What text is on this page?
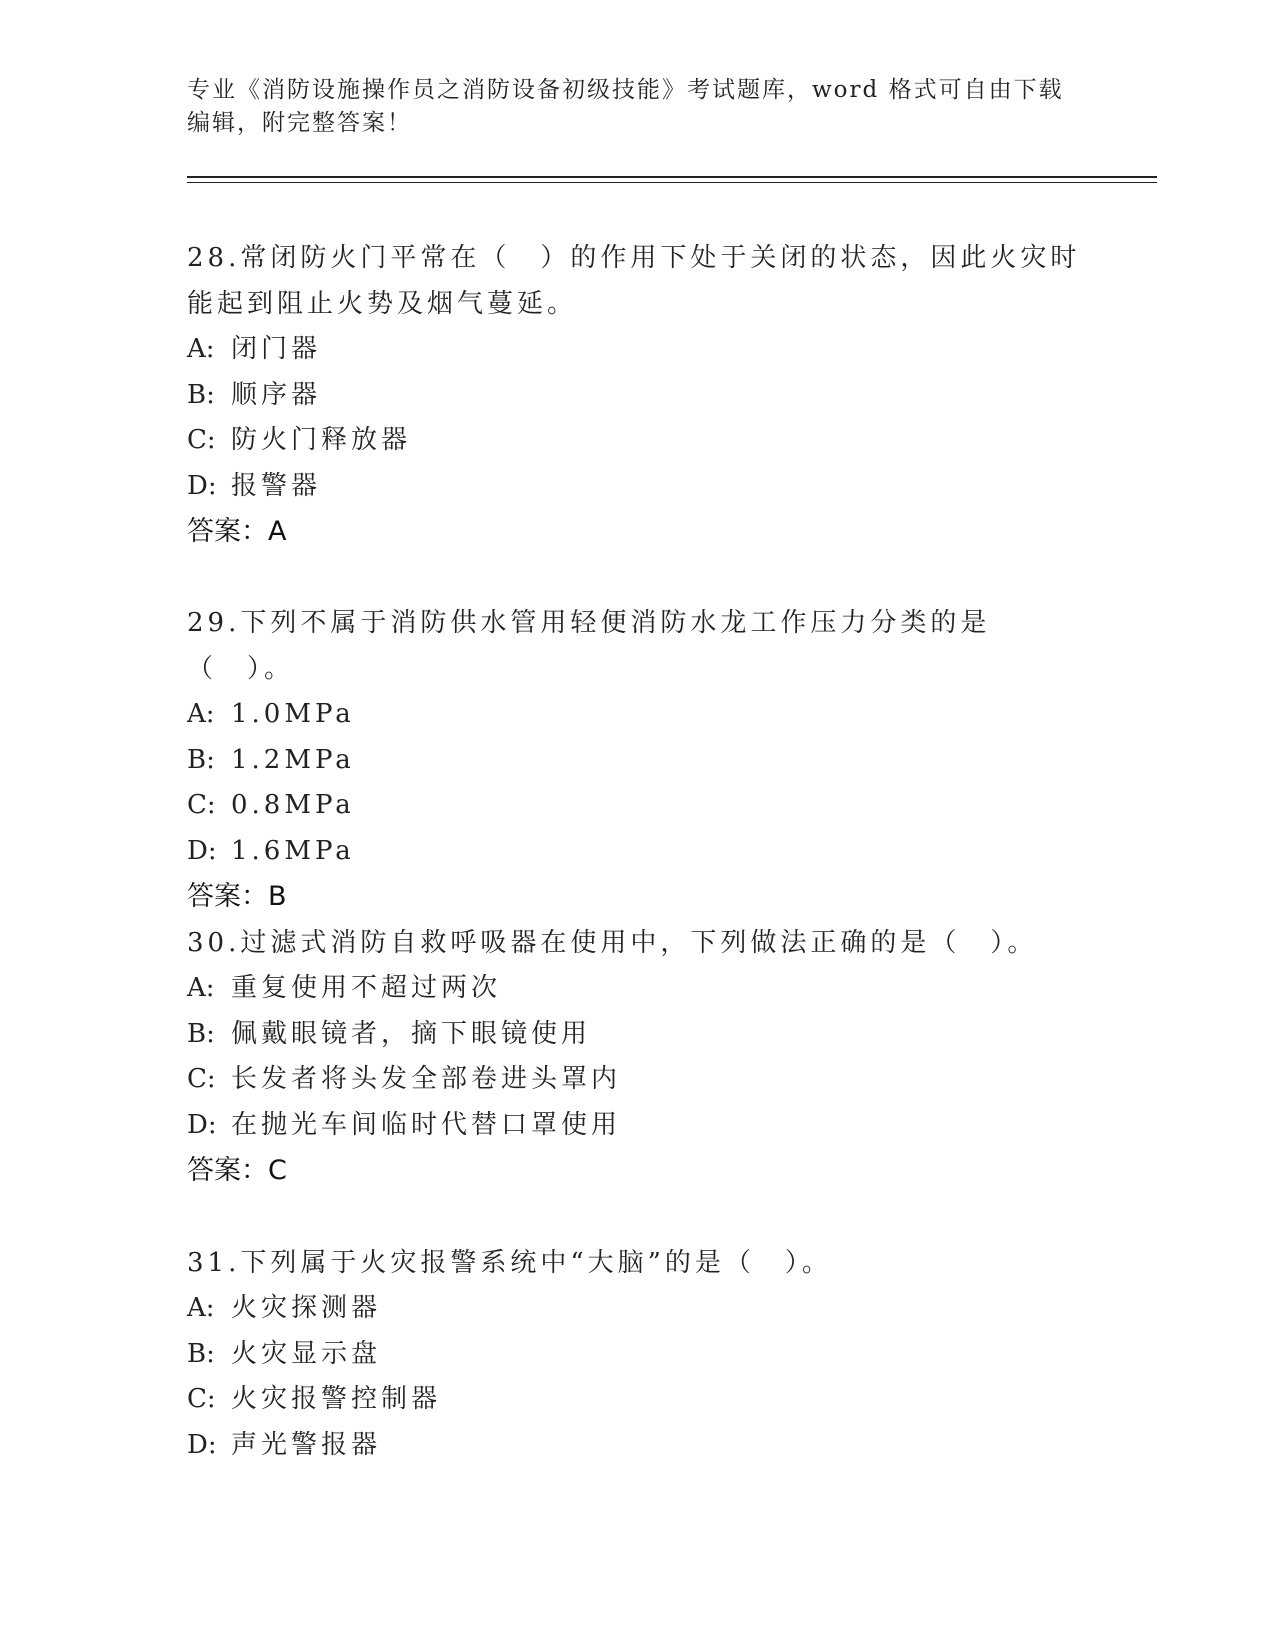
专业《消防设施操作员之消防设备初级技能》考试题库，word 格式可自由下载编辑，附完整答案！

28.常闭防火门平常在（　）的作用下处于关闭的状态，因此火灾时能起到阻止火势及烟气蔓延。

A: 闭门器

B: 顺序器

C: 防火门释放器

D: 报警器

答案：A

29.下列不属于消防供水管用轻便消防水龙工作压力分类的是（　）。

A: 1.0MPa

B: 1.2MPa

C: 0.8MPa

D: 1.6MPa

答案：B

30.过滤式消防自救呼吸器在使用中，下列做法正确的是（　）。

A: 重复使用不超过两次

B: 佩戴眼镜者，摘下眼镜使用

C: 长发者将头发全部卷进头罩内

D: 在抛光车间临时代替口罩使用

答案：C

31.下列属于火灾报警系统中“大脑”的是（　）。

A: 火灾探测器

B: 火灾显示盘

C: 火灾报警控制器

D: 声光警报器
